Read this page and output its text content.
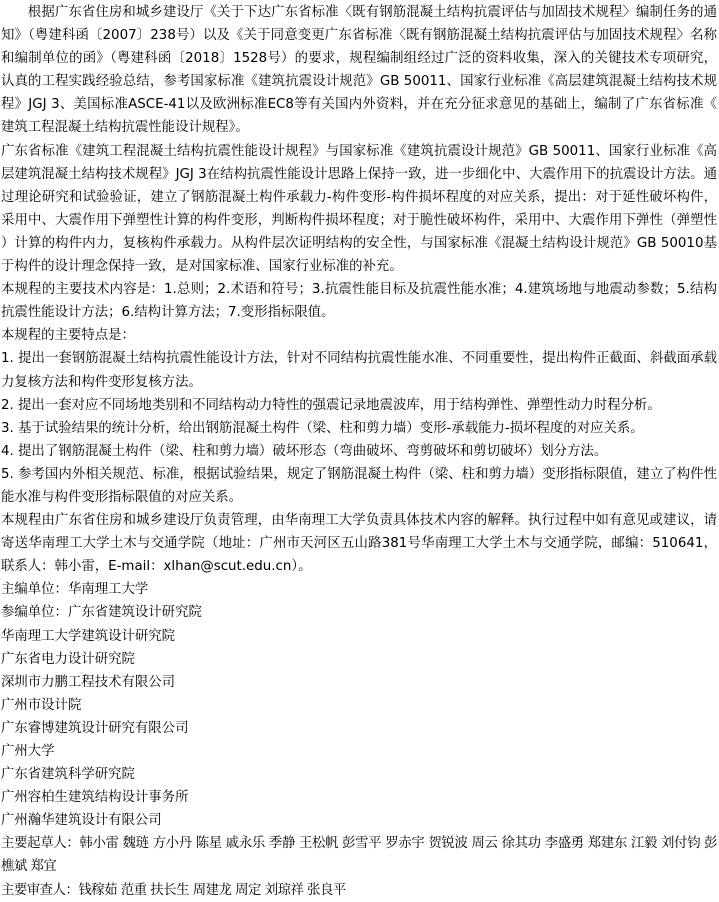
根据广东省住房和城乡建设厅《关于下达广东省标准〈既有钢筋混凝土结构抗震评估与加固技术规程〉编制任务的通知》（粤建科函〔2007〕238号）以及《关于同意变更广东省标准〈既有钢筋混凝土结构抗震评估与加固技术规程〉名称和编制单位的函》（粤建科函〔2018〕1528号）的要求，规程编制组经过广泛的资料收集，深入的关键技术专项研究，认真的工程实践经验总结，参考国家标准《建筑抗震设计规范》GB 50011、国家行业标准《高层建筑混凝土结构技术规程》JGJ 3、美国标准ASCE-41以及欧洲标准EC8等有关国内外资料，并在充分征求意见的基础上，编制了广东省标准《建筑工程混凝土结构抗震性能设计规程》。

广东省标准《建筑工程混凝土结构抗震性能设计规程》与国家标准《建筑抗震设计规范》GB 50011、国家行业标准《高层建筑混凝土结构技术规程》JGJ 3在结构抗震性能设计思路上保持一致，进一步细化中、大震作用下的抗震设计方法。通过理论研究和试验验证，建立了钢筋混凝土构件承载力-构件变形-构件损坏程度的对应关系，提出：对于延性破坏构件，采用中、大震作用下弹塑性计算的构件变形，判断构件损坏程度；对于脆性破坏构件，采用中、大震作用下弹性（弹塑性）计算的构件内力，复核构件承载力。从构件层次证明结构的安全性，与国家标准《混凝土结构设计规范》GB 50010基于构件的设计理念保持一致，是对国家标准、国家行业标准的补充。

本规程的主要技术内容是：1.总则；2.术语和符号；3.抗震性能目标及抗震性能水准；4.建筑场地与地震动参数；5.结构抗震性能设计方法；6.结构计算方法；7.变形指标限值。

本规程的主要特点是：

1. 提出一套钢筋混凝土结构抗震性能设计方法，针对不同结构抗震性能水准、不同重要性，提出构件正截面、斜截面承载力复核方法和构件变形复核方法。

2. 提出一套对应不同场地类别和不同结构动力特性的强震记录地震波库，用于结构弹性、弹塑性动力时程分析。

3. 基于试验结果的统计分析，给出钢筋混凝土构件（梁、柱和剪力墙）变形-承载能力-损坏程度的对应关系。

4. 提出了钢筋混凝土构件（梁、柱和剪力墙）破坏形态（弯曲破坏、弯剪破坏和剪切破坏）划分方法。

5. 参考国内外相关规范、标准，根据试验结果，规定了钢筋混凝土构件（梁、柱和剪力墙）变形指标限值，建立了构件性能水准与构件变形指标限值的对应关系。

本规程由广东省住房和城乡建设厅负责管理，由华南理工大学负责具体技术内容的解释。执行过程中如有意见或建议，请寄送华南理工大学土木与交通学院（地址：广州市天河区五山路381号华南理工大学土木与交通学院，邮编：510641，联系人：韩小雷，E-mail：xlhan@scut.edu.cn）。

主编单位：华南理工大学

参编单位：广东省建筑设计研究院

华南理工大学建筑设计研究院

广东省电力设计研究院

深圳市力鹏工程技术有限公司

广州市设计院

广东睿博建筑设计研究有限公司

广州大学

广东省建筑科学研究院

广州容柏生建筑结构设计事务所

广州瀚华建筑设计有限公司

主要起草人：韩小雷 魏琏 方小丹 陈星 戚永乐 季静 王松帆 彭雪平 罗赤宇 贺锐波 周云 徐其功 李盛勇 郑建东 江毅 刘付钧 彭樵斌 郑宜

主要审查人：钱稼茹 范重 扶长生 周建龙 周定 刘琼祥 张良平
